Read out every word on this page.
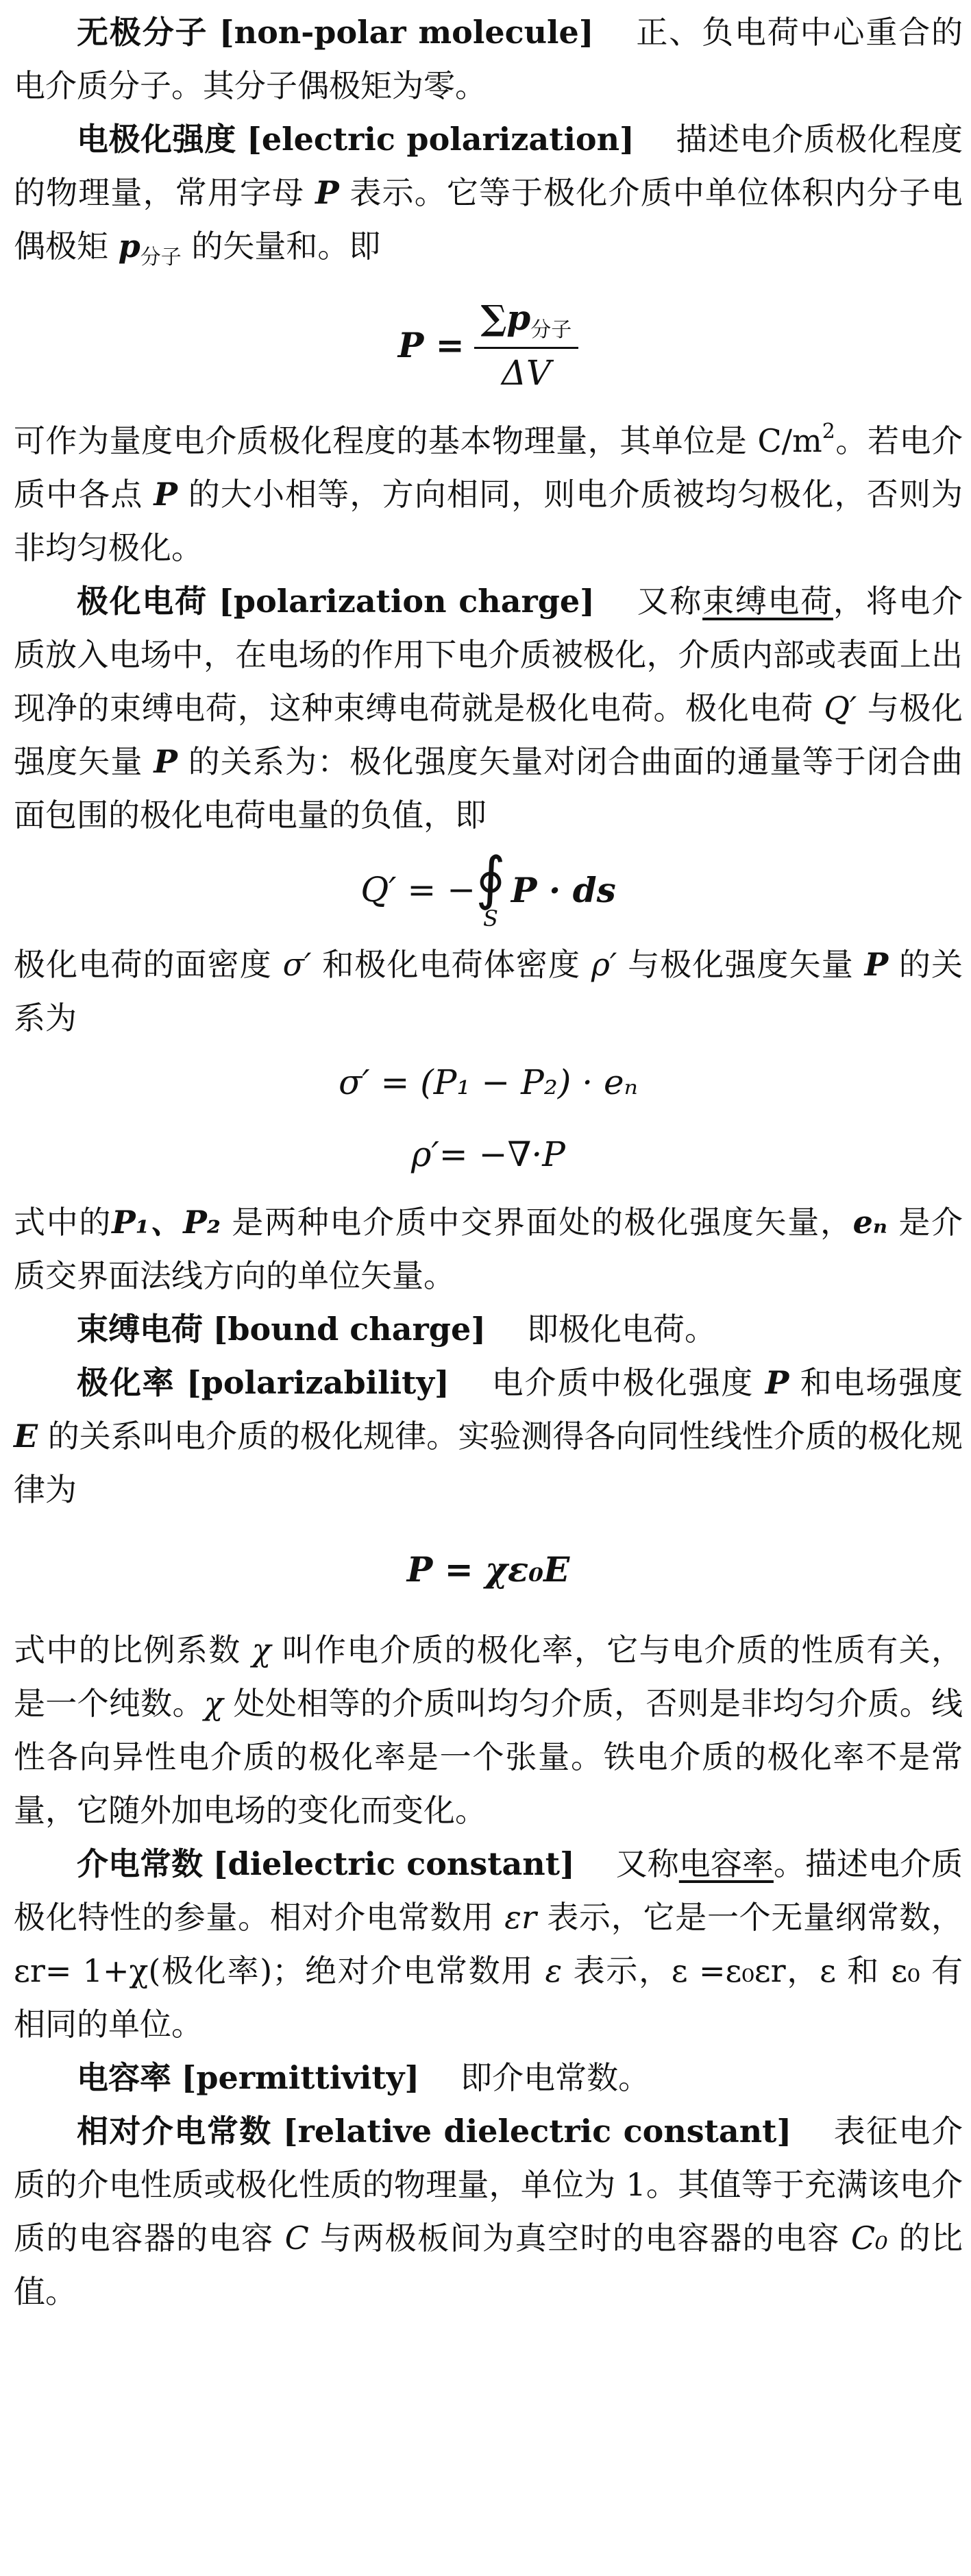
无极分子 [non-polar molecule] 正、负电荷中心重合的电介质分子。其分子偶极矩为零。

电极化强度 [electric polarization] 描述电介质极化程度的物理量，常用字母 P 表示。它等于极化介质中单位体积内分子电偶极矩 $p_{分子}$ 的矢量和。即

$P = \frac{\sum p_{分子}}{\Delta V}$

可作为量度电介质极化程度的基本物理量，其单位是 $C/m^2$。若电介质中各点 P 的大小相等，方向相同，则电介质被均匀极化，否则为非均匀极化。

极化电荷 [polarization charge] 又称束缚电荷，将电介质放入电场中，在电场的作用下电介质被极化，介质内部或表面上出现净的束缚电荷，这种束缚电荷就是极化电荷。极化电荷 Q′ 与极化强度矢量 P 的关系为：极化强度矢量对闭合曲面的通量等于闭合曲面包围的极化电荷电量的负值，即

Q′ = − ∮
S
P · ds

极化电荷的面密度 σ′ 和极化电荷体密度 ρ′ 与极化强度矢量 P 的关系为

σ′ = (P₁ − P₂) · eₙ

ρ′= −∇·P

式中的P₁、P₂ 是两种电介质中交界面处的极化强度矢量，eₙ 是介质交界面法线方向的单位矢量。

束缚电荷 [bound charge] 即极化电荷。

极化率 [polarizability] 电介质中极化强度 P 和电场强度 E 的关系叫电介质的极化规律。实验测得各向同性线性介质的极化规律为

P = χε₀E

式中的比例系数 χ 叫作电介质的极化率，它与电介质的性质有关，是一个纯数。χ 处处相等的介质叫均匀介质，否则是非均匀介质。线性各向异性电介质的极化率是一个张量。铁电介质的极化率不是常量，它随外加电场的变化而变化。

介电常数 [dielectric constant] 又称电容率。描述电介质极化特性的参量。相对介电常数用 εr 表示，它是一个无量纲常数，εr= 1+χ(极化率)；绝对介电常数用 ε 表示，ε =ε₀εr，ε 和 ε₀ 有相同的单位。

电容率 [permittivity] 即介电常数。

相对介电常数 [relative dielectric constant] 表征电介质的介电性质或极化性质的物理量，单位为 1。其值等于充满该电介质的电容器的电容 C 与两极板间为真空时的电容器的电容 C₀ 的比值。
